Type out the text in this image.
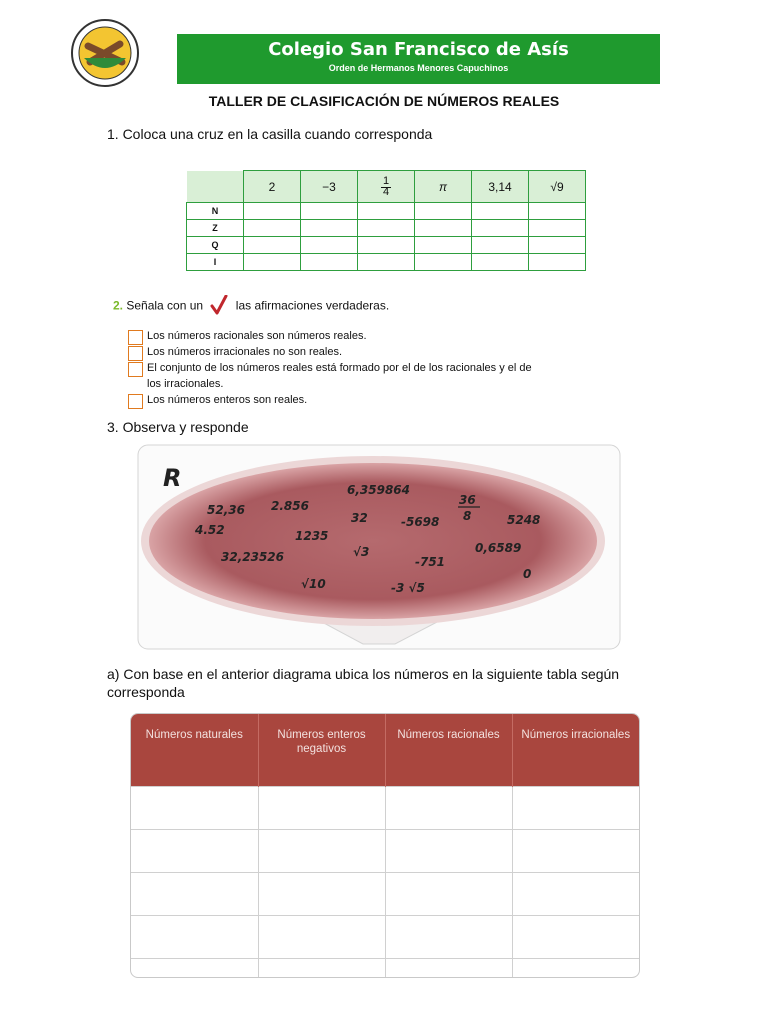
Colegio San Francisco de Asís
Orden de Hermanos Menores Capuchinos
TALLER DE CLASIFICACIÓN DE NÚMEROS REALES
1. Coloca una cruz en la casilla cuando corresponda
	2	−3	$\frac{1}{4}$	π	3,14	√9
N						
Z						
Q						
I						
2. Señala con un	las afirmaciones verdaderas.
Los números racionales son números reales.
Los números irracionales no son reales.
El conjunto de los números reales está formado por el de los racionales y el de los irracionales.
Los números enteros son reales.
3. Observa y responde
R	6,359864
52,36 2.856
4.52
32	-5698	5248
1235
32,23526	√3	0,6589
-751
0
√10	-3 √5
36
8
a) Con base en el anterior diagrama ubica los números en la siguiente tabla según corresponda
Números naturales	Números enteros negativos	Números racionales	Números irracionales
